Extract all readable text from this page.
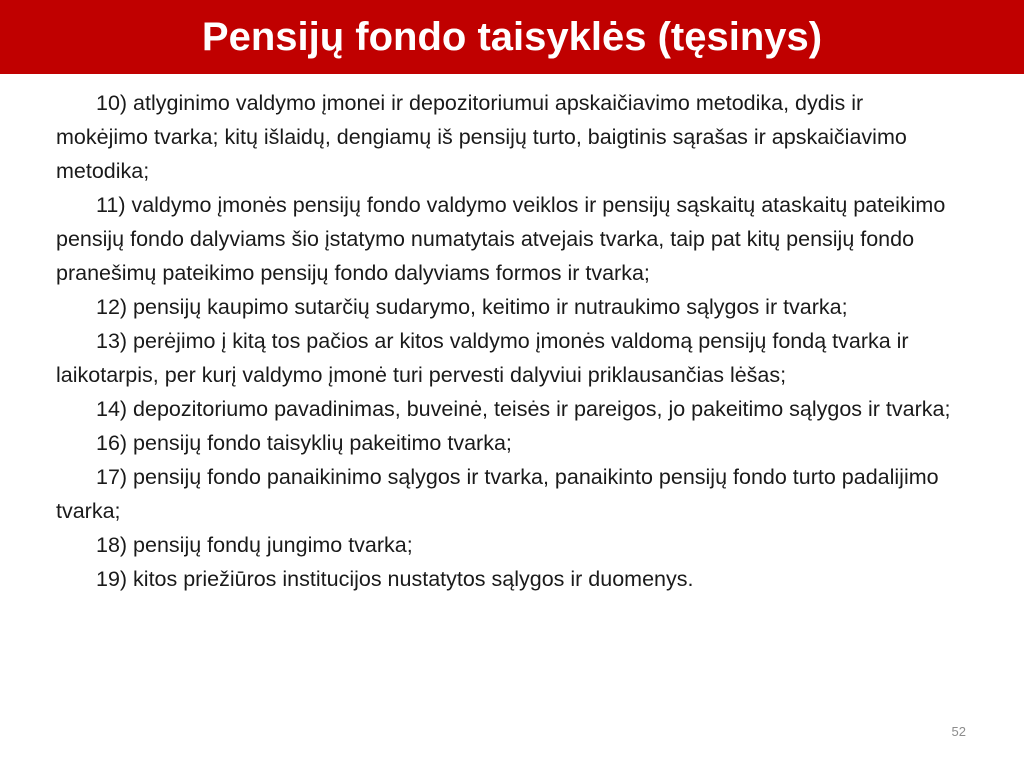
Pensijų fondo taisyklės (tęsinys)

10) atlyginimo valdymo įmonei ir depozitoriumui apskaičiavimo metodika, dydis ir mokėjimo tvarka; kitų išlaidų, dengiamų iš pensijų turto, baigtinis sąrašas ir apskaičiavimo metodika;

11) valdymo įmonės pensijų fondo valdymo veiklos ir pensijų sąskaitų ataskaitų pateikimo pensijų fondo dalyviams šio įstatymo numatytais atvejais tvarka, taip pat kitų pensijų fondo pranešimų pateikimo pensijų fondo dalyviams formos ir tvarka;

12) pensijų kaupimo sutarčių sudarymo, keitimo ir nutraukimo sąlygos ir tvarka;

13) perėjimo į kitą tos pačios ar kitos valdymo įmonės valdomą pensijų fondą tvarka ir laikotarpis, per kurį valdymo įmonė turi pervesti dalyviui priklausančias lėšas;

14) depozitoriumo pavadinimas, buveinė, teisės ir pareigos, jo pakeitimo sąlygos ir tvarka;

16) pensijų fondo taisyklių pakeitimo tvarka;

17) pensijų fondo panaikinimo sąlygos ir tvarka, panaikinto pensijų fondo turto padalijimo tvarka;

18) pensijų fondų jungimo tvarka;

19) kitos priežiūros institucijos nustatytos sąlygos ir duomenys.

52
